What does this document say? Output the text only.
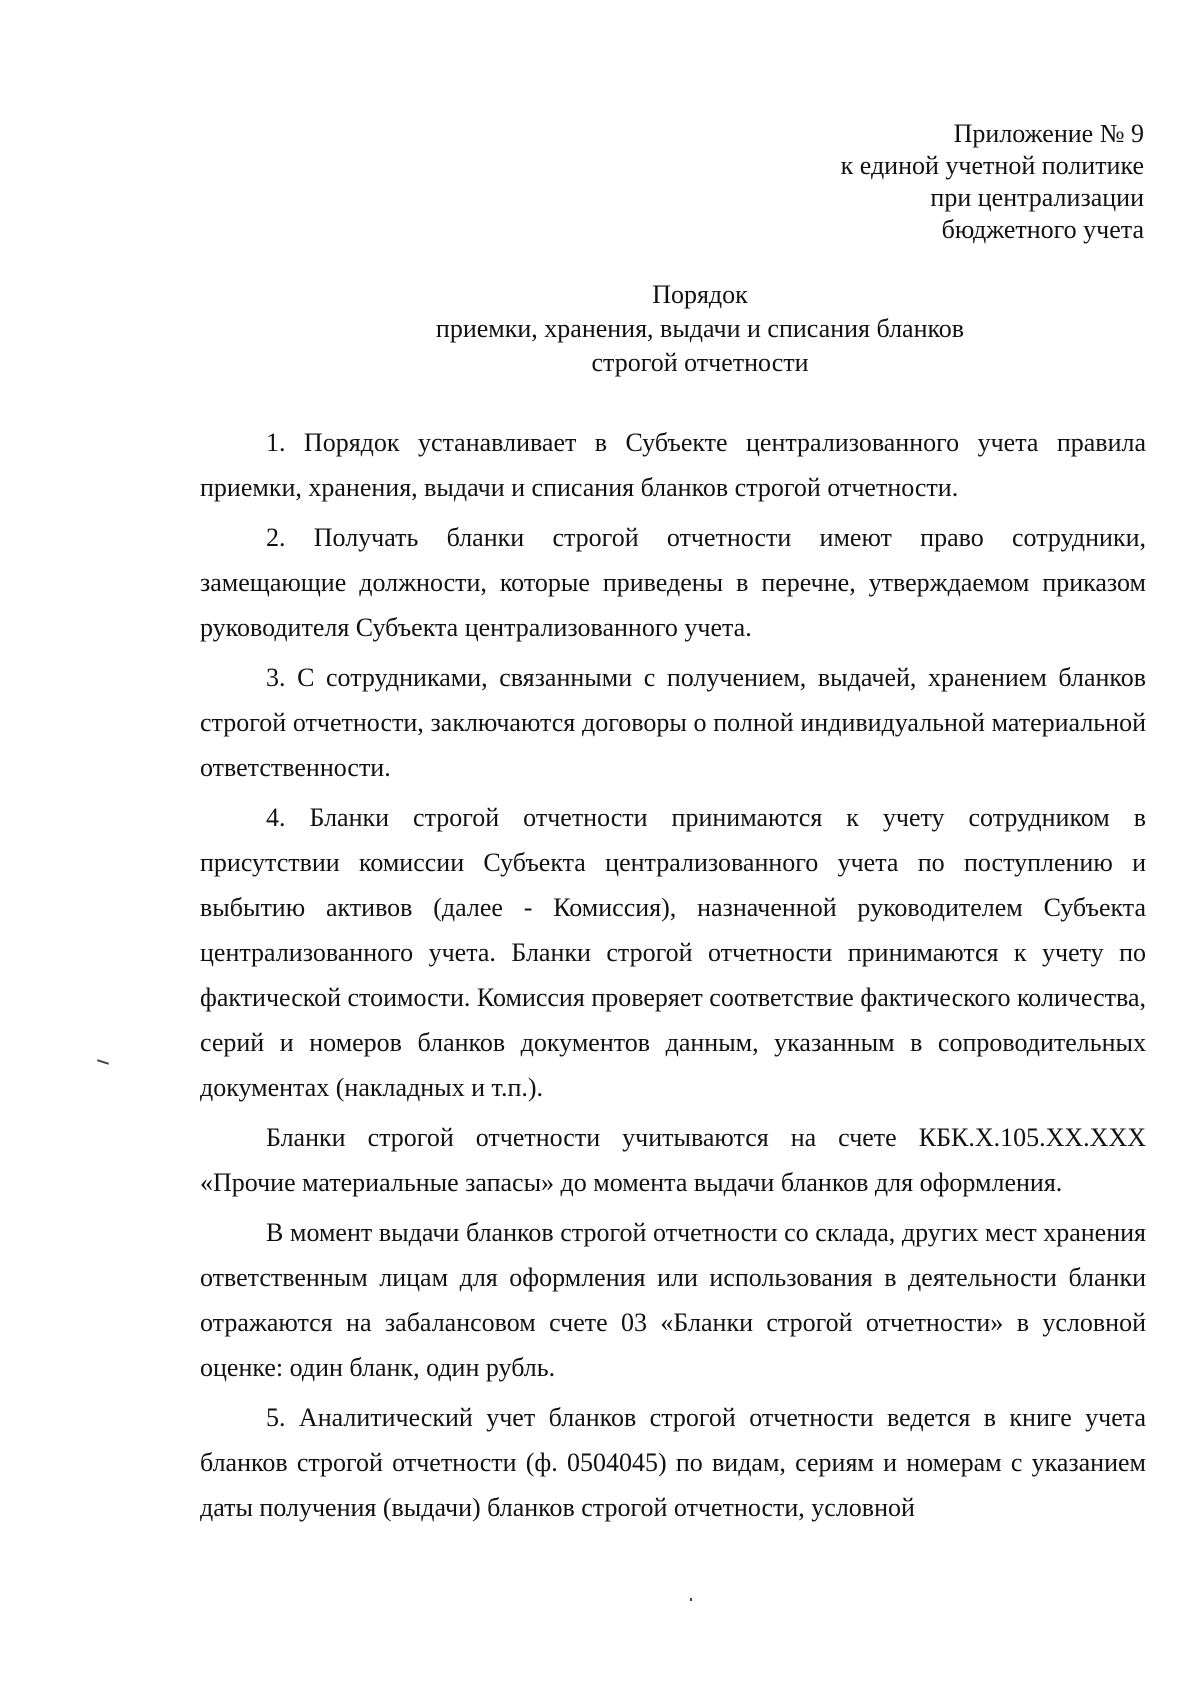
Приложение № 9
к единой учетной политике
при централизации
бюджетного учета
Порядок
приемки, хранения, выдачи и списания бланков
строгой отчетности

1. Порядок устанавливает в Субъекте централизованного учета правила приемки, хранения, выдачи и списания бланков строгой отчетности.

2. Получать бланки строгой отчетности имеют право сотрудники, замещающие должности, которые приведены в перечне, утверждаемом приказом руководителя Субъекта централизованного учета.

3. С сотрудниками, связанными с получением, выдачей, хранением бланков строгой отчетности, заключаются договоры о полной индивидуальной материальной ответственности.

4. Бланки строгой отчетности принимаются к учету сотрудником в присутствии комиссии Субъекта централизованного учета по поступлению и выбытию активов (далее - Комиссия), назначенной руководителем Субъекта централизованного учета. Бланки строгой отчетности принимаются к учету по фактической стоимости. Комиссия проверяет соответствие фактического количества, серий и номеров бланков документов данным, указанным в сопроводительных документах (накладных и т.п.).

Бланки строгой отчетности учитываются на счете КБК.Х.105.ХХ.ХХХ «Прочие материальные запасы» до момента выдачи бланков для оформления.

В момент выдачи бланков строгой отчетности со склада, других мест хранения ответственным лицам для оформления или использования в деятельности бланки отражаются на забалансовом счете 03 «Бланки строгой отчетности» в условной оценке: один бланк, один рубль.

5. Аналитический учет бланков строгой отчетности ведется в книге учета бланков строгой отчетности (ф. 0504045) по видам, сериям и номерам с указанием даты получения (выдачи) бланков строгой отчетности, условной
